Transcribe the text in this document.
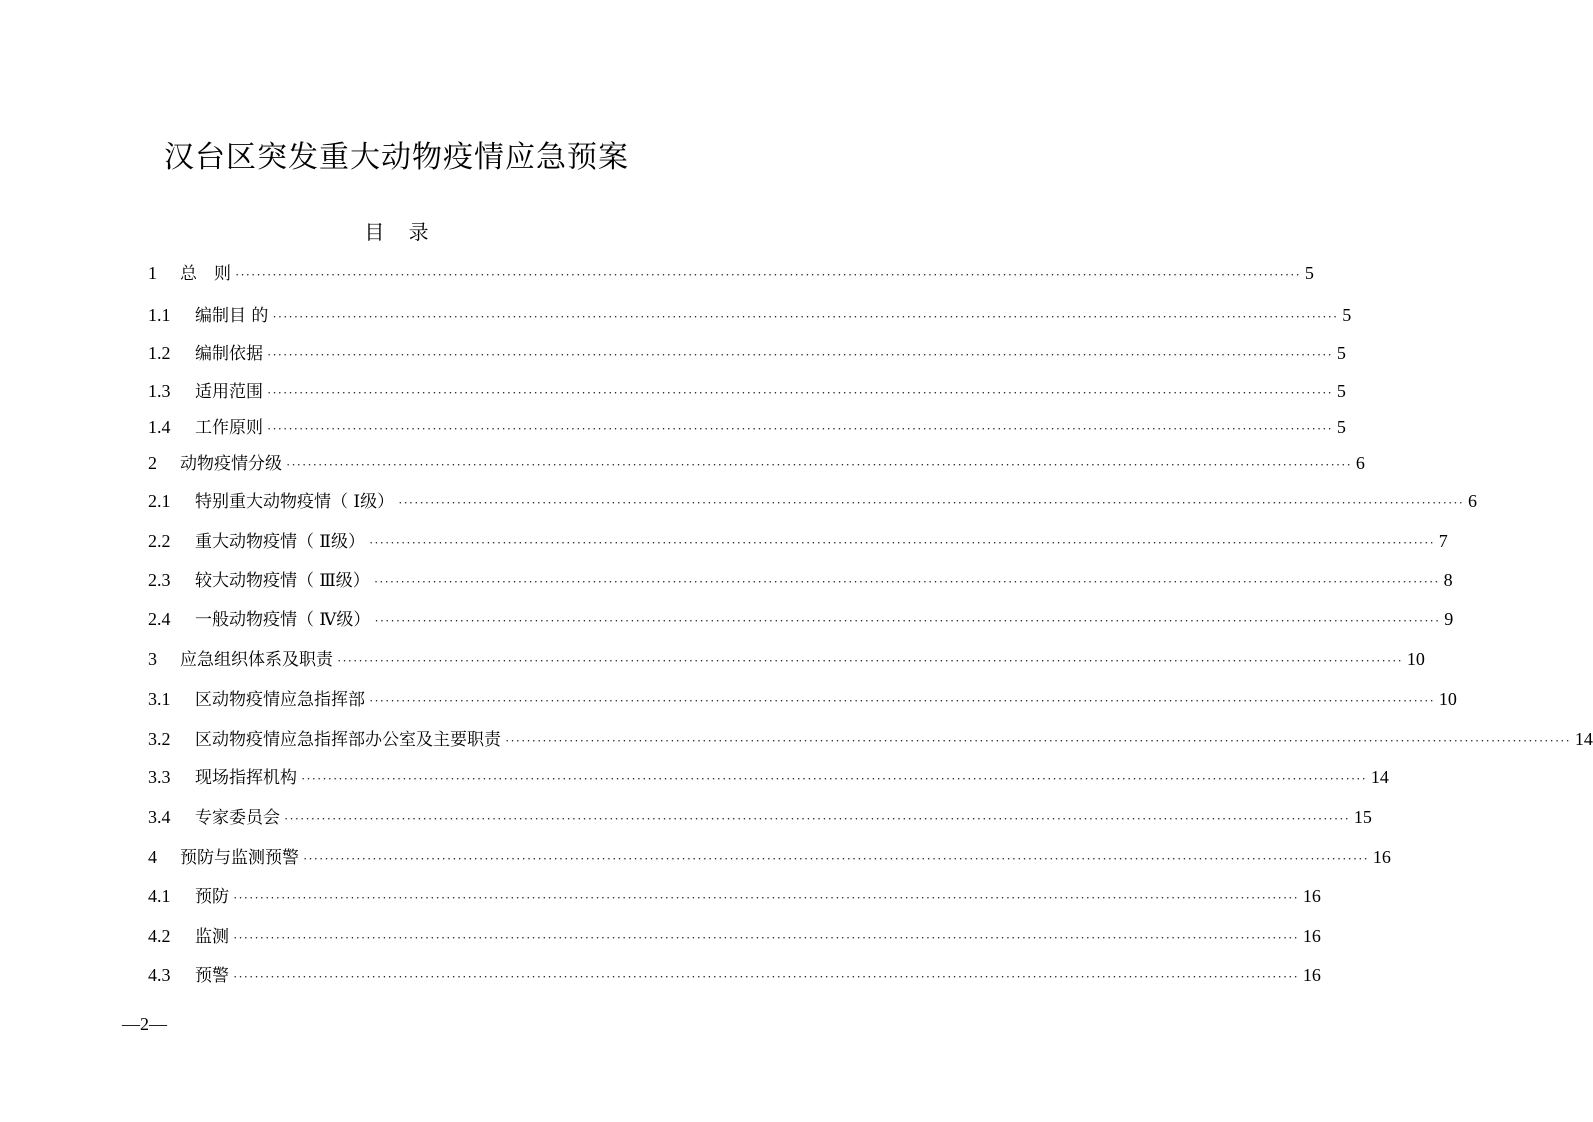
汉台区突发重大动物疫情应急预案
目 录
1	总　则 ········································································································································································································ 5
1.1	编制目 的 ········································································································································································································ 5
1.2	编制依据 ········································································································································································································ 5
1.3	适用范围 ········································································································································································································ 5
1.4	工作原则 ········································································································································································································ 5
2	动物疫情分级 ········································································································································································································ 6
2.1	特别重大动物疫情（ Ⅰ级） ········································································································································································································ 6
2.2	重大动物疫情（ Ⅱ级） ········································································································································································································ 7
2.3	较大动物疫情（ Ⅲ级） ········································································································································································································ 8
2.4	一般动物疫情（ Ⅳ级） ········································································································································································································ 9
3	应急组织体系及职责 ········································································································································································································ 10
3.1	区动物疫情应急指挥部 ········································································································································································································ 10
3.2	区动物疫情应急指挥部办公室及主要职责 ········································································································································································································ 14
3.3	现场指挥机构 ········································································································································································································ 14
3.4	专家委员会 ········································································································································································································ 15
4	预防与监测预警 ········································································································································································································ 16
4.1	预防 ········································································································································································································ 16
4.2	监测 ········································································································································································································ 16
4.3	预警 ········································································································································································································ 16
—2—
